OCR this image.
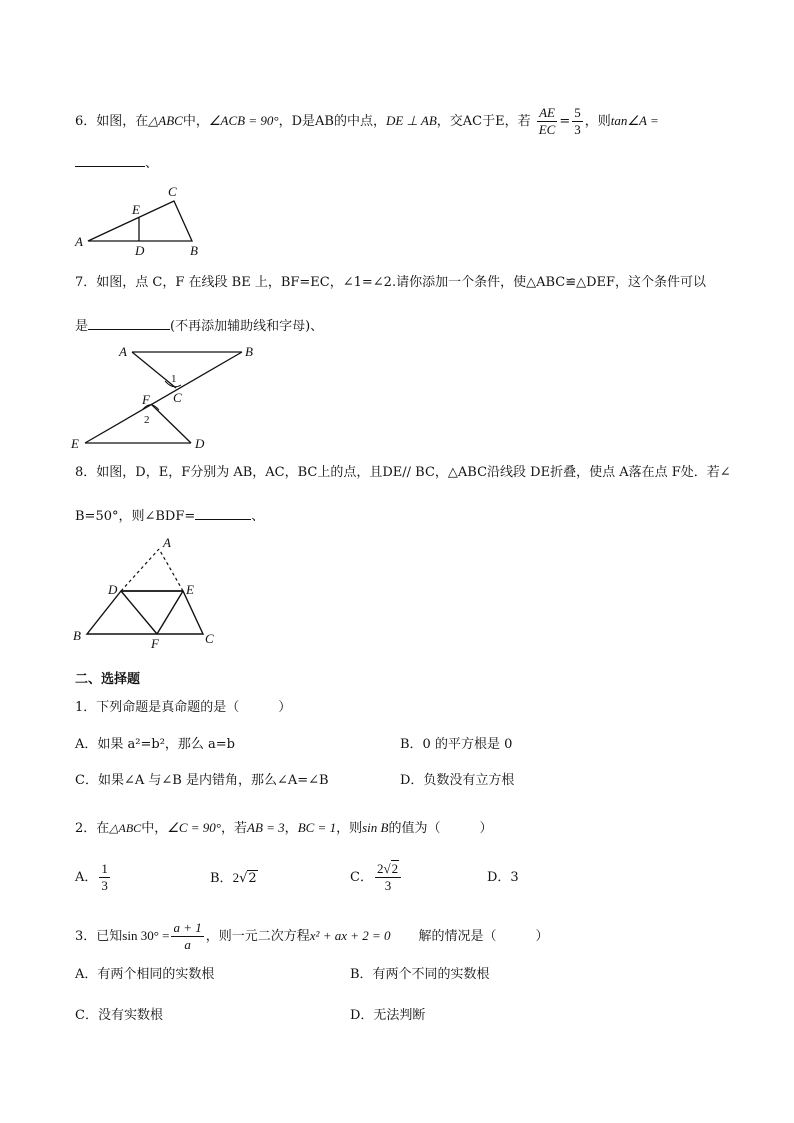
6．如图，在△ABC中，∠ACB = 90°，D是AB的中点，DE ⊥ AB，交AC于E，若 $\frac{AE}{EC} = \frac{5}{3}$ ，则tan∠A =
、
A
C
E
D	B
7．如图，点 C，F 在线段 BE 上，BF=EC，∠1=∠2.请你添加一个条件，使△ABC≌△DEF，这个条件可以
是	(不再添加辅助线和字母)、
A	B
1
C
F
2
E	D
8．如图，D，E，F分别为 AB，AC，BC上的点，且DE// BC，△ABC沿线段 DE折叠，使点 A落在点 F处．若∠
B=50°，则∠BDF=	、
A
D	E
B
F	C
二、选择题
1．下列命题是真命题的是（　　　）
A．如果 a²=b²，那么 a=b	B．0 的平方根是 0
C．如果∠A 与∠B 是内错角，那么∠A=∠B	D．负数没有立方根
2．在△ABC中，∠C = 90°，若AB = 3，BC = 1，则sin B的值为（　　　）
A． $\frac{1}{3}$	B．2√2	C． $\frac{2√2}{3}$	D．3
3．已知$\sin 30^\circ = \frac{a + 1}{a}$ ，则一元二次方程x² + ax + 2 = 0 解的情况是（　　　）
A．有两个相同的实数根	B．有两个不同的实数根
C．没有实数根	D．无法判断
